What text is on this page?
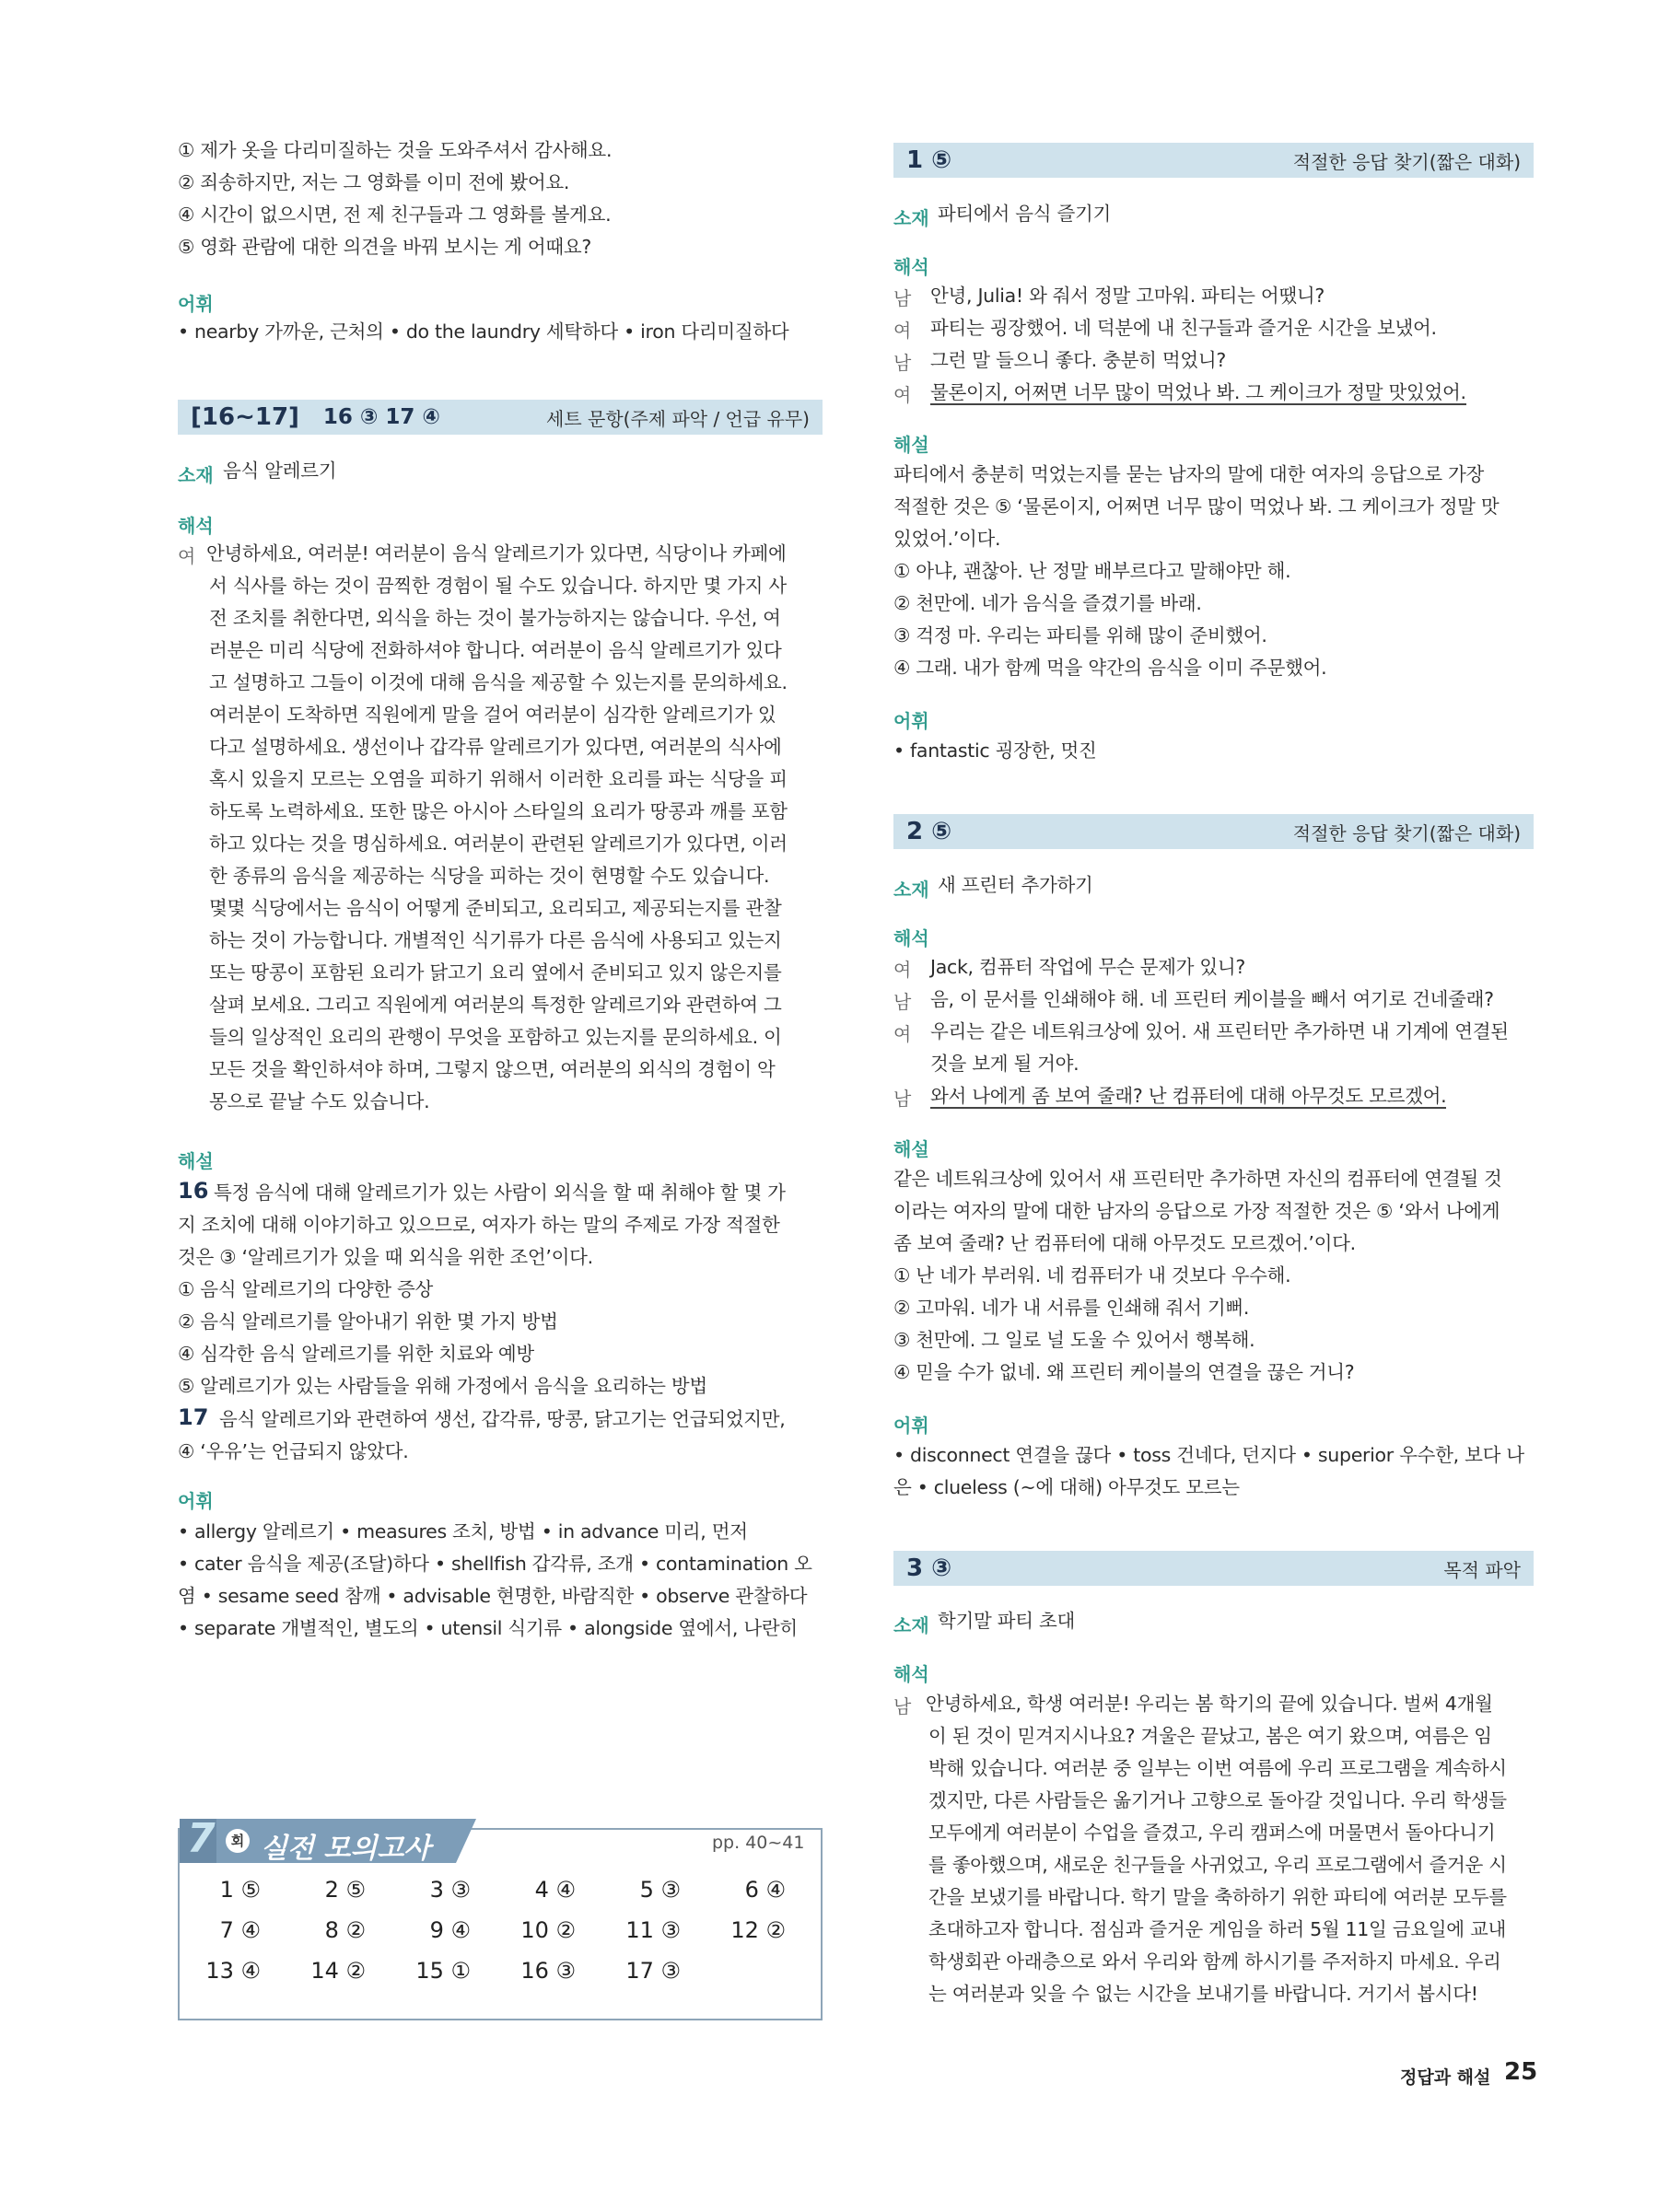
① 제가 옷을 다리미질하는 것을 도와주셔서 감사해요.
② 죄송하지만, 저는 그 영화를 이미 전에 봤어요.
④ 시간이 없으시면, 전 제 친구들과 그 영화를 볼게요.
⑤ 영화 관람에 대한 의견을 바꿔 보시는 게 어때요?
어휘
• nearby 가까운, 근처의 • do the laundry 세탁하다 • iron 다리미질하다
[16~17] 16 ③ 17 ④	세트 문항(주제 파악 / 언급 유무)
소재 음식 알레르기
해석
여 안녕하세요, 여러분! 여러분이 음식 알레르기가 있다면, 식당이나 카페에
서 식사를 하는 것이 끔찍한 경험이 될 수도 있습니다. 하지만 몇 가지 사
전 조치를 취한다면, 외식을 하는 것이 불가능하지는 않습니다. 우선, 여
러분은 미리 식당에 전화하셔야 합니다. 여러분이 음식 알레르기가 있다
고 설명하고 그들이 이것에 대해 음식을 제공할 수 있는지를 문의하세요.
여러분이 도착하면 직원에게 말을 걸어 여러분이 심각한 알레르기가 있
다고 설명하세요. 생선이나 갑각류 알레르기가 있다면, 여러분의 식사에
혹시 있을지 모르는 오염을 피하기 위해서 이러한 요리를 파는 식당을 피
하도록 노력하세요. 또한 많은 아시아 스타일의 요리가 땅콩과 깨를 포함
하고 있다는 것을 명심하세요. 여러분이 관련된 알레르기가 있다면, 이러
한 종류의 음식을 제공하는 식당을 피하는 것이 현명할 수도 있습니다.
몇몇 식당에서는 음식이 어떻게 준비되고, 요리되고, 제공되는지를 관찰
하는 것이 가능합니다. 개별적인 식기류가 다른 음식에 사용되고 있는지
또는 땅콩이 포함된 요리가 닭고기 요리 옆에서 준비되고 있지 않은지를
살펴 보세요. 그리고 직원에게 여러분의 특정한 알레르기와 관련하여 그
들의 일상적인 요리의 관행이 무엇을 포함하고 있는지를 문의하세요. 이
모든 것을 확인하셔야 하며, 그렇지 않으면, 여러분의 외식의 경험이 악
몽으로 끝날 수도 있습니다.
해설
16 특정 음식에 대해 알레르기가 있는 사람이 외식을 할 때 취해야 할 몇 가
지 조치에 대해 이야기하고 있으므로, 여자가 하는 말의 주제로 가장 적절한
것은 ③ ‘알레르기가 있을 때 외식을 위한 조언’이다.
① 음식 알레르기의 다양한 증상
② 음식 알레르기를 알아내기 위한 몇 가지 방법
④ 심각한 음식 알레르기를 위한 치료와 예방
⑤ 알레르기가 있는 사람들을 위해 가정에서 음식을 요리하는 방법
17 음식 알레르기와 관련하여 생선, 갑각류, 땅콩, 닭고기는 언급되었지만,
④ ‘우유’는 언급되지 않았다.
어휘
• allergy 알레르기 • measures 조치, 방법 • in advance 미리, 먼저
• cater 음식을 제공(조달)하다 • shellfish 갑각류, 조개 • contamination 오
염 • sesame seed 참깨 • advisable 현명한, 바람직한 • observe 관찰하다
• separate 개별적인, 별도의 • utensil 식기류 • alongside 옆에서, 나란히
7	회 실전 모의고사	pp. 40~41
1 ⑤	2 ⑤	3 ③	4 ④	5 ③	6 ④
7 ④	8 ②	9 ④	10 ②	11 ③	12 ②
13 ④	14 ②	15 ①	16 ③	17 ③
1 ⑤	적절한 응답 찾기(짧은 대화)
소재 파티에서 음식 즐기기
해석
남 안녕, Julia! 와 줘서 정말 고마워. 파티는 어땠니?
여 파티는 굉장했어. 네 덕분에 내 친구들과 즐거운 시간을 보냈어.
남 그런 말 들으니 좋다. 충분히 먹었니?
여 물론이지, 어쩌면 너무 많이 먹었나 봐. 그 케이크가 정말 맛있었어.
해설
파티에서 충분히 먹었는지를 묻는 남자의 말에 대한 여자의 응답으로 가장
적절한 것은 ⑤ ‘물론이지, 어쩌면 너무 많이 먹었나 봐. 그 케이크가 정말 맛
있었어.’이다.
① 아냐, 괜찮아. 난 정말 배부르다고 말해야만 해.
② 천만에. 네가 음식을 즐겼기를 바래.
③ 걱정 마. 우리는 파티를 위해 많이 준비했어.
④ 그래. 내가 함께 먹을 약간의 음식을 이미 주문했어.
어휘
• fantastic 굉장한, 멋진
2 ⑤	적절한 응답 찾기(짧은 대화)
소재 새 프린터 추가하기
해석
여 Jack, 컴퓨터 작업에 무슨 문제가 있니?
남 음, 이 문서를 인쇄해야 해. 네 프린터 케이블을 빼서 여기로 건네줄래?
여 우리는 같은 네트워크상에 있어. 새 프린터만 추가하면 내 기계에 연결된
것을 보게 될 거야.
남 와서 나에게 좀 보여 줄래? 난 컴퓨터에 대해 아무것도 모르겠어.
해설
같은 네트워크상에 있어서 새 프린터만 추가하면 자신의 컴퓨터에 연결될 것
이라는 여자의 말에 대한 남자의 응답으로 가장 적절한 것은 ⑤ ‘와서 나에게
좀 보여 줄래? 난 컴퓨터에 대해 아무것도 모르겠어.’이다.
① 난 네가 부러워. 네 컴퓨터가 내 것보다 우수해.
② 고마워. 네가 내 서류를 인쇄해 줘서 기뻐.
③ 천만에. 그 일로 널 도울 수 있어서 행복해.
④ 믿을 수가 없네. 왜 프린터 케이블의 연결을 끊은 거니?
어휘
• disconnect 연결을 끊다 • toss 건네다, 던지다 • superior 우수한, 보다 나
은 • clueless (~에 대해) 아무것도 모르는
3 ③	목적 파악
소재 학기말 파티 초대
해석
남 안녕하세요, 학생 여러분! 우리는 봄 학기의 끝에 있습니다. 벌써 4개월
이 된 것이 믿겨지시나요? 겨울은 끝났고, 봄은 여기 왔으며, 여름은 임
박해 있습니다. 여러분 중 일부는 이번 여름에 우리 프로그램을 계속하시
겠지만, 다른 사람들은 옮기거나 고향으로 돌아갈 것입니다. 우리 학생들
모두에게 여러분이 수업을 즐겼고, 우리 캠퍼스에 머물면서 돌아다니기
를 좋아했으며, 새로운 친구들을 사귀었고, 우리 프로그램에서 즐거운 시
간을 보냈기를 바랍니다. 학기 말을 축하하기 위한 파티에 여러분 모두를
초대하고자 합니다. 점심과 즐거운 게임을 하러 5월 11일 금요일에 교내
학생회관 아래층으로 와서 우리와 함께 하시기를 주저하지 마세요. 우리
는 여러분과 잊을 수 없는 시간을 보내기를 바랍니다. 거기서 봅시다!
정답과 해설 25
